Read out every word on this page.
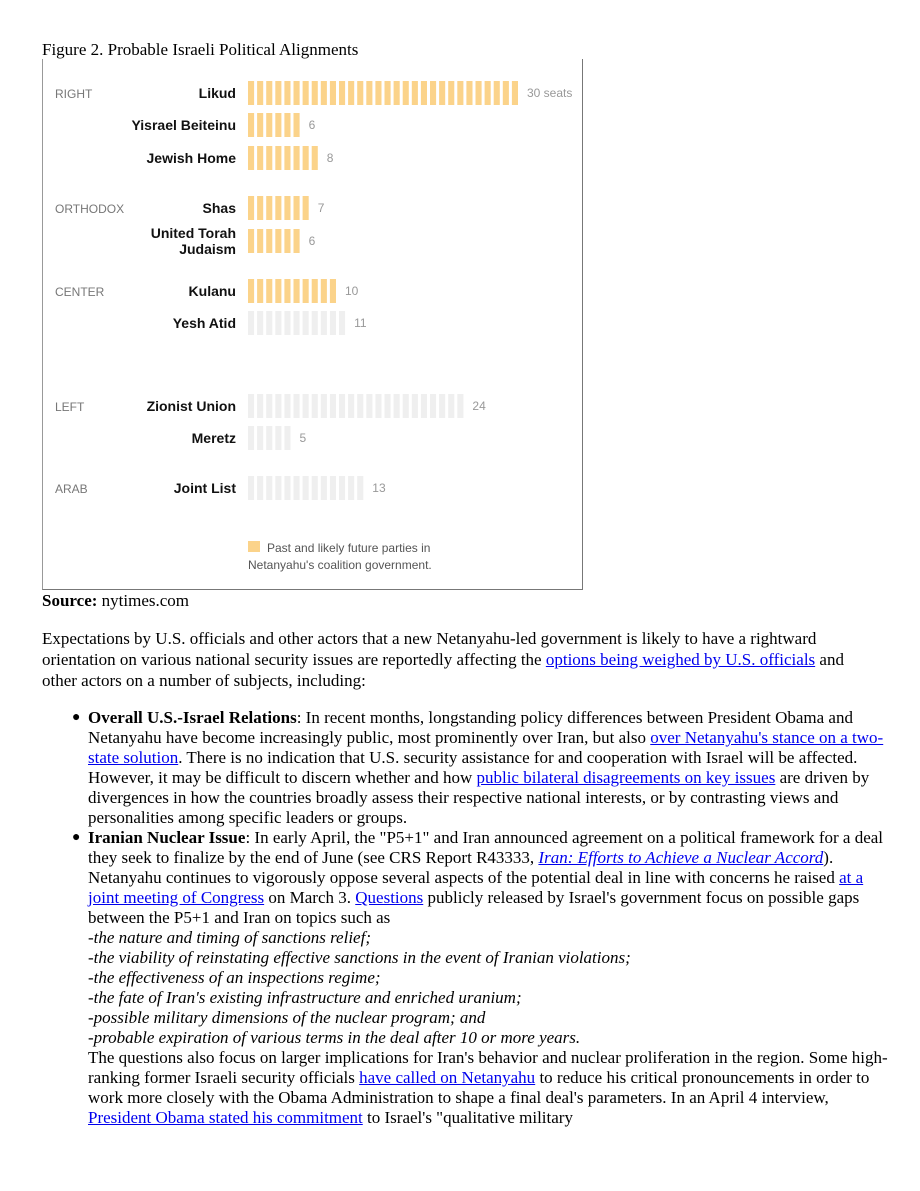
Figure 2. Probable Israeli Political Alignments
RIGHT	Likud	30 seats
Yisrael Beiteinu	6
Jewish Home	8
ORTHODOX	Shas	7
United Torah
Judaism	6
CENTER	Kulanu	10
Yesh Atid	11
LEFT	Zionist Union	24
Meretz	5
ARAB	Joint List	13
Past and likely future parties in
Netanyahu's coalition government.
Source: nytimes.com
Expectations by U.S. officials and other actors that a new Netanyahu-led government is likely to have a rightward orientation on various national security issues are reportedly affecting the options being weighed by U.S. officials and other actors on a number of subjects, including:
● Overall U.S.-Israel Relations: In recent months, longstanding policy differences between President Obama and Netanyahu have become increasingly public, most prominently over Iran, but also over Netanyahu's stance on a two-state solution. There is no indication that U.S. security assistance for and cooperation with Israel will be affected. However, it may be difficult to discern whether and how public bilateral disagreements on key issues are driven by divergences in how the countries broadly assess their respective national interests, or by contrasting views and personalities among specific leaders or groups.
● Iranian Nuclear Issue: In early April, the "P5+1" and Iran announced agreement on a political framework for a deal they seek to finalize by the end of June (see CRS Report R43333, Iran: Efforts to Achieve a Nuclear Accord). Netanyahu continues to vigorously oppose several aspects of the potential deal in line with concerns he raised at a joint meeting of Congress on March 3. Questions publicly released by Israel's government focus on possible gaps between the P5+1 and Iran on topics such as
-the nature and timing of sanctions relief;
-the viability of reinstating effective sanctions in the event of Iranian violations;
-the effectiveness of an inspections regime;
-the fate of Iran's existing infrastructure and enriched uranium;
-possible military dimensions of the nuclear program; and
-probable expiration of various terms in the deal after 10 or more years.
The questions also focus on larger implications for Iran's behavior and nuclear proliferation in the region. Some high-ranking former Israeli security officials have called on Netanyahu to reduce his critical pronouncements in order to work more closely with the Obama Administration to shape a final deal's parameters. In an April 4 interview, President Obama stated his commitment to Israel's "qualitative military
